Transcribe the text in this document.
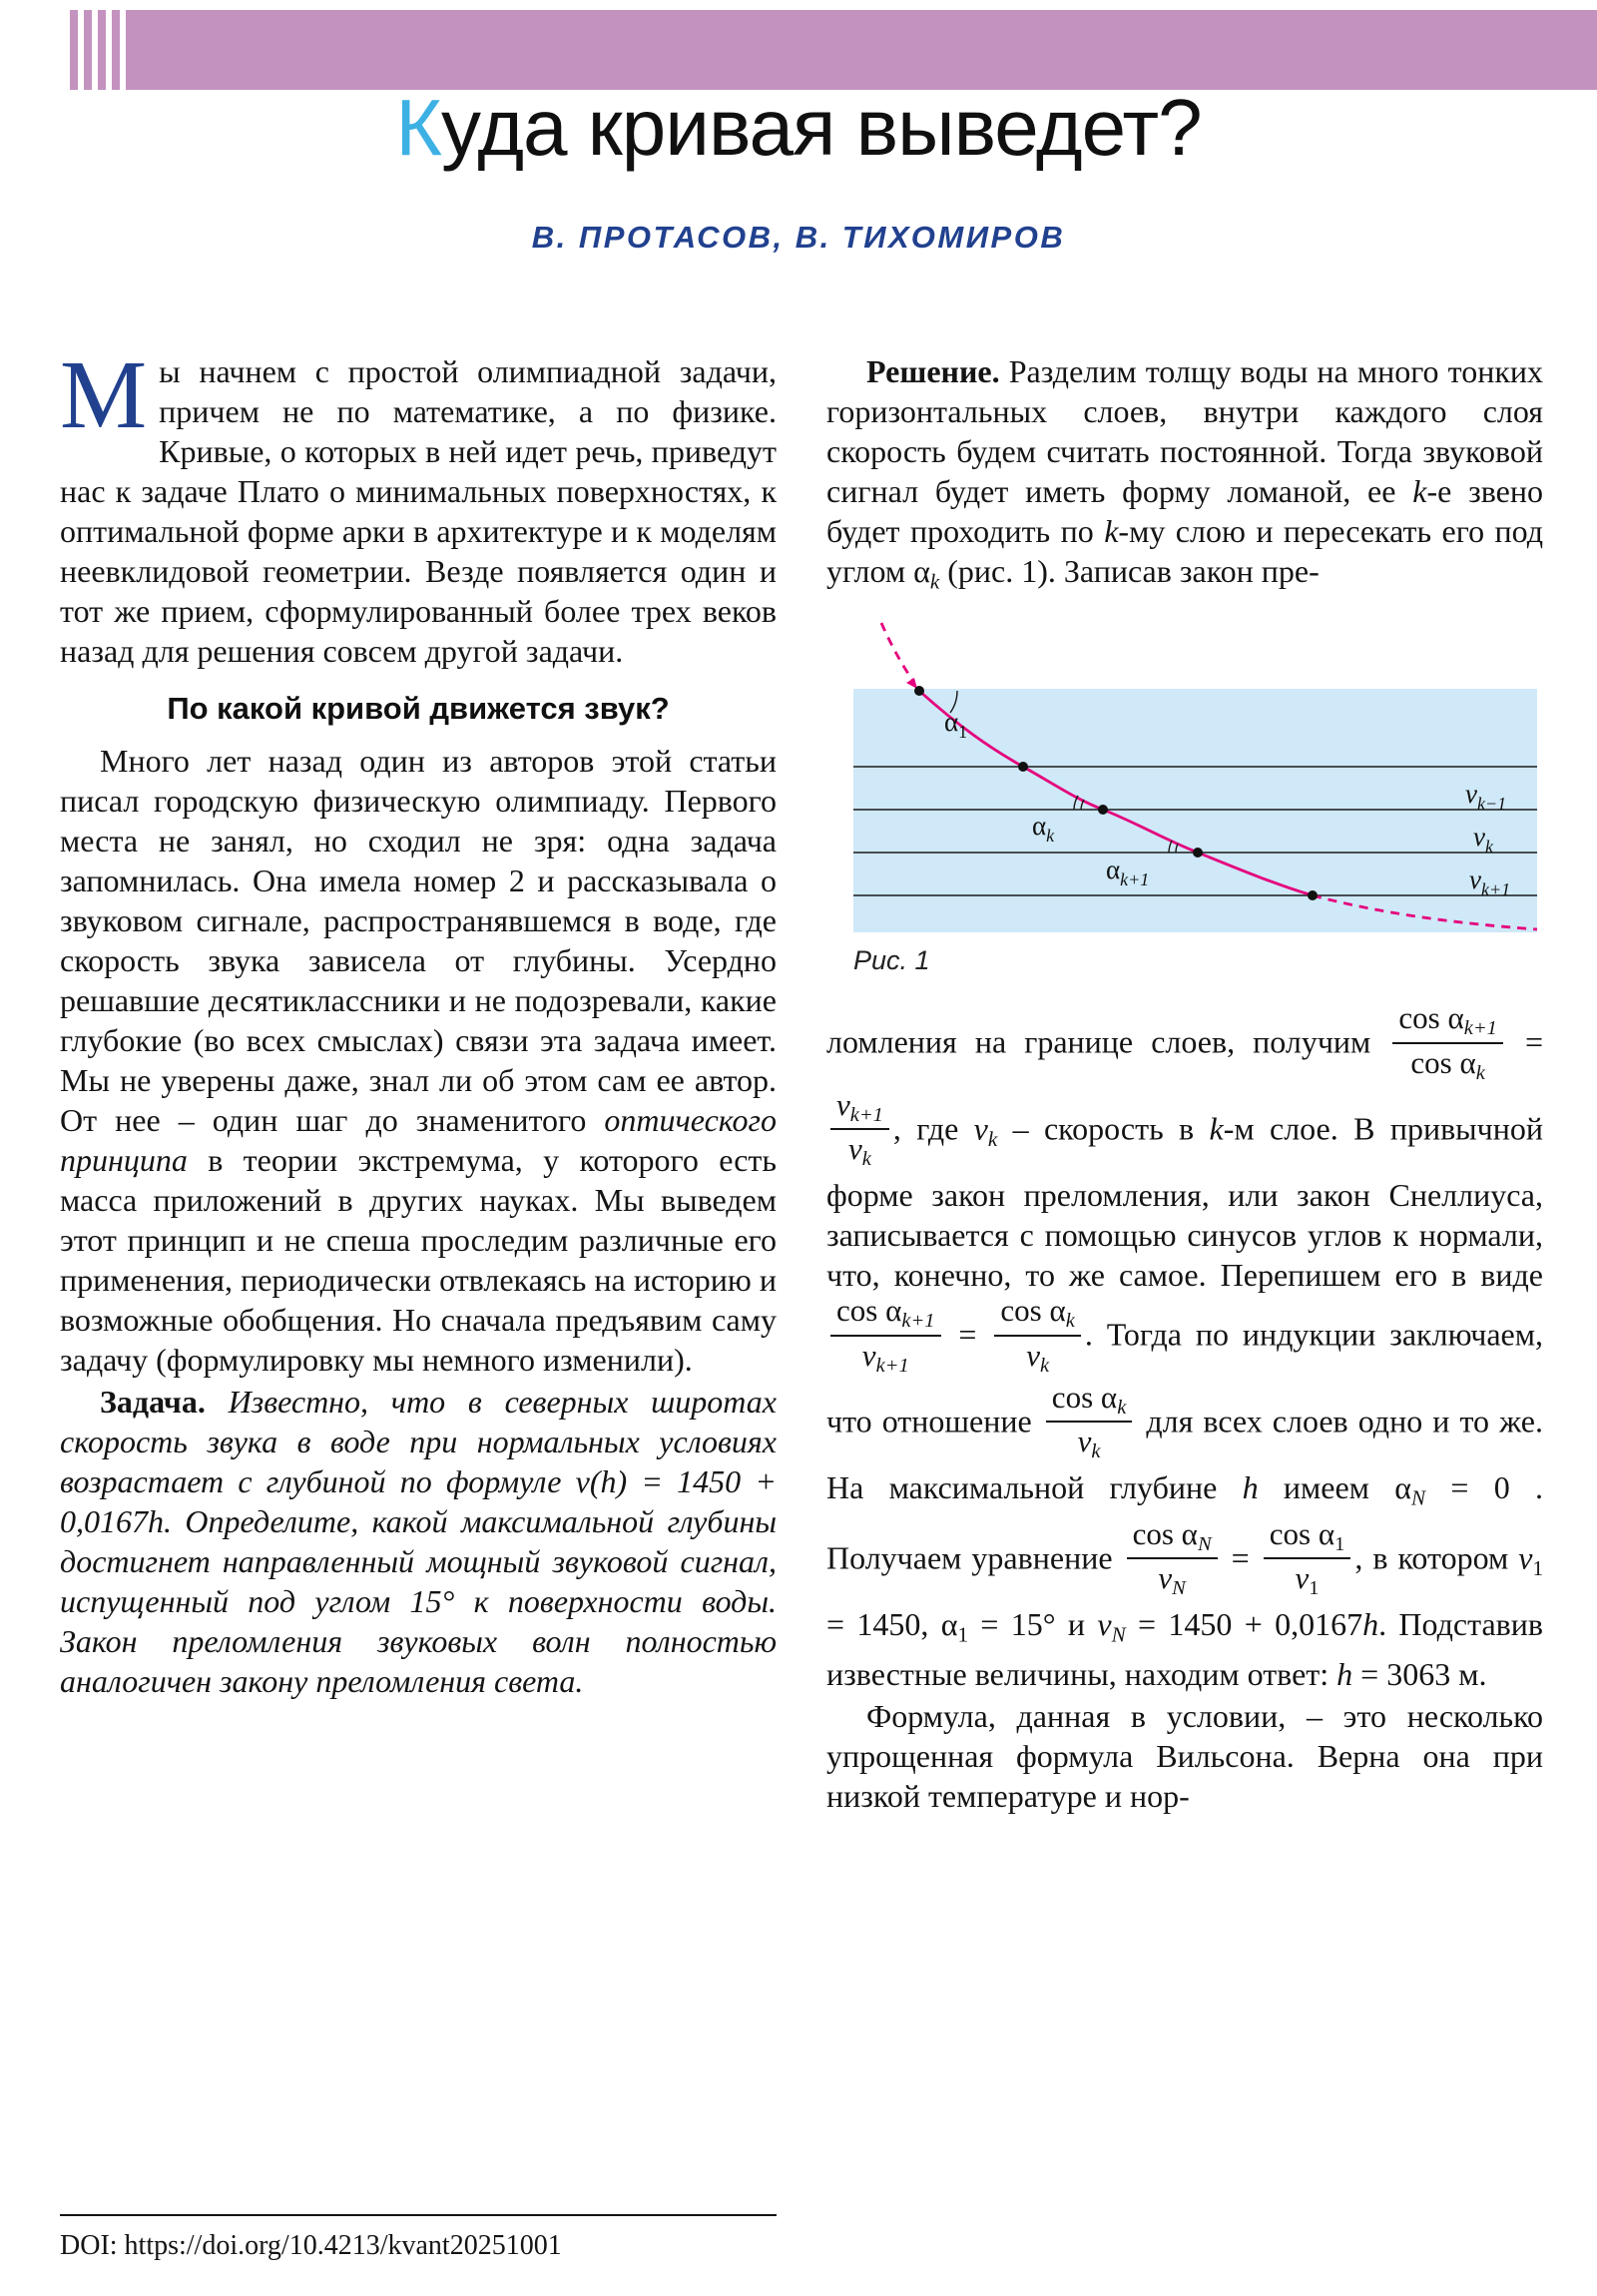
Куда кривая выведет?
В. ПРОТАСОВ, В. ТИХОМИРОВ

Мы начнем с простой олимпиадной задачи, причем не по математике, а по физике. Кривые, о которых в ней идет речь, приведут нас к задаче Плато о минимальных поверхностях, к оптимальной форме арки в архитектуре и к моделям неевклидовой геометрии. Везде появляется один и тот же прием, сформулированный более трех веков назад для решения совсем другой задачи.

По какой кривой движется звук?

Много лет назад один из авторов этой статьи писал городскую физическую олимпиаду. Первого места не занял, но сходил не зря: одна задача запомнилась. Она имела номер 2 и рассказывала о звуковом сигнале, распространявшемся в воде, где скорость звука зависела от глубины. Усердно решавшие десятиклассники и не подозревали, какие глубокие (во всех смыслах) связи эта задача имеет. Мы не уверены даже, знал ли об этом сам ее автор. От нее – один шаг до знаменитого оптического принципа в теории экстремума, у которого есть масса приложений в других науках. Мы выведем этот принцип и не спеша проследим различные его применения, периодически отвлекаясь на историю и возможные обобщения. Но сначала предъявим саму задачу (формулировку мы немного изменили).

Задача. Известно, что в северных широтах скорость звука в воде при нормальных условиях возрастает с глубиной по формуле v(h) = 1450 + 0,0167h. Определите, какой максимальной глубины достигнет направленный мощный звуковой сигнал, испущенный под углом 15° к поверхности воды. Закон преломления звуковых волн полностью аналогичен закону преломления света.

Решение. Разделим толщу воды на много тонких горизонтальных слоев, внутри каждого слоя скорость будем считать постоянной. Тогда звуковой сигнал будет иметь форму ломаной, ее k-е звено будет проходить по k-му слою и пересекать его под углом $\alpha_k$ (рис. 1). Записав закон пре-

$\alpha_1$
$\alpha_k$
$\alpha_{k+1}$
$v_{k-1}$
$v_k$
$v_{k+1}$
Рис. 1

ломления на границе слоев, получим $\frac{\cos \alpha_{k+1}}{\cos \alpha_k}$ =
$\frac{v_{k+1}}{v_k}$ , где $v_k$ – скорость в k-м слое. В привычной форме закон преломления, или закон Снеллиуса, записывается с помощью синусов углов к нормали, что, конечно, то же самое. Перепишем его в виде
$\frac{\cos \alpha_{k+1}}{v_{k+1}} = \frac{\cos \alpha_k}{v_k}$ . Тогда по индукции заключаем, что отношение $\frac{\cos \alpha_k}{v_k}$ для всех слоев одно и то же. На максимальной глубине h имеем $\alpha_N = 0$ . Получаем уравнение $\frac{\cos \alpha_N}{v_N} = \frac{\cos \alpha_1}{v_1}$ , в котором $v_1 = 1450$, $\alpha_1 = 15^\circ$ и $v_N = 1450 + 0,0167h$. Подставив известные величины, находим ответ: h = 3063 м.

Формула, данная в условии, – это несколько упрощенная формула Вильсона. Верна она при низкой температуре и нор-

DOI: https://doi.org/10.4213/kvant20251001
